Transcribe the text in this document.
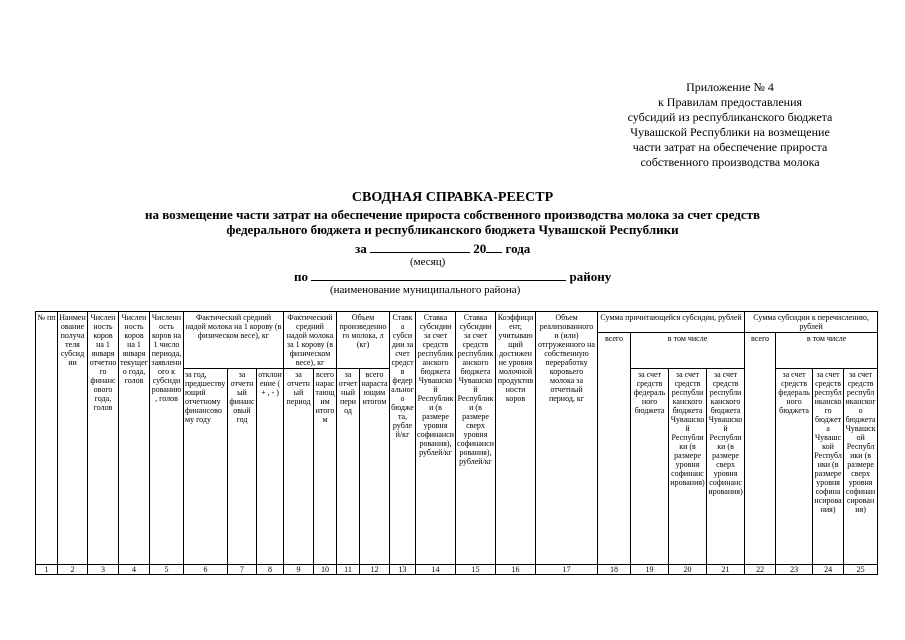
Приложение № 4
к Правилам предоставления
субсидий из республиканского бюджета
Чувашской Республики на возмещение
части затрат на обеспечение прироста
собственного производства молока
СВОДНАЯ СПРАВКА-РЕЕСТР
на возмещение части затрат на обеспечение прироста собственного производства молока за счет средств
федерального бюджета и республиканского бюджета Чувашской Республики
за	20 года
(месяц)
по	району
(наименование муниципального района)
№ пп	Наименование получателя субсидии	Численность коров на 1 января отчетного финансового года, голов	Численность коров на 1 января текущего года, голов	Численность коров на 1 число периода, заявленного к субсидированию, голов	Фактический средний надой молока на 1 корову (в физическом весе), кг			Фактический средний надой молока за 1 корову (в физическом весе), кг		Объем произведенного молока, л (кг)		Ставка субсидии за счет средств федерального бюджета, рублей/кг	Ставка субсидии за счет средств республиканского бюджета Чувашской Республики (в размере уровня софинансирования), рублей/кг	Ставка субсидии за счет средств республиканского бюджета Чувашской Республики (в размере сверх уровня софинансирования), рублей/кг	Коэффициент, учитывающий достижение уровня молочной продуктивности коров	Объем реализованного и (или) отгруженного на собственную переработку коровьего молока за отчетный период, кг	Сумма причитающейся субсидии, рублей				Сумма субсидии к перечислению, рублей			
																	всего	в том числе			всего	в том числе		
					за год, предшествующий отчетному финансовому году	за отчетный финансовый год	отклонение ( + , - )	за отчетный период	всего нарастающим итогом	за отчетный период	всего нарастающим итогом							за счет средств федерального бюджета	за счет средств республиканского бюджета Чувашской Республики (в размере уровня софинансирования)	за счет средств республиканского бюджета Чувашской Республики (в размере сверх уровня софинансирования)		за счет средств федерального бюджета	за счет средств республиканского бюджета Чувашской Республики (в размере уровня софинансирования)	за счет средств республиканского бюджета Чувашской Республики (в размере сверх уровня софинансирования)
1	2	3	4	5	6	7	8	9	10	11	12	13	14	15	16	17	18	19	20	21	22	23	24	25
